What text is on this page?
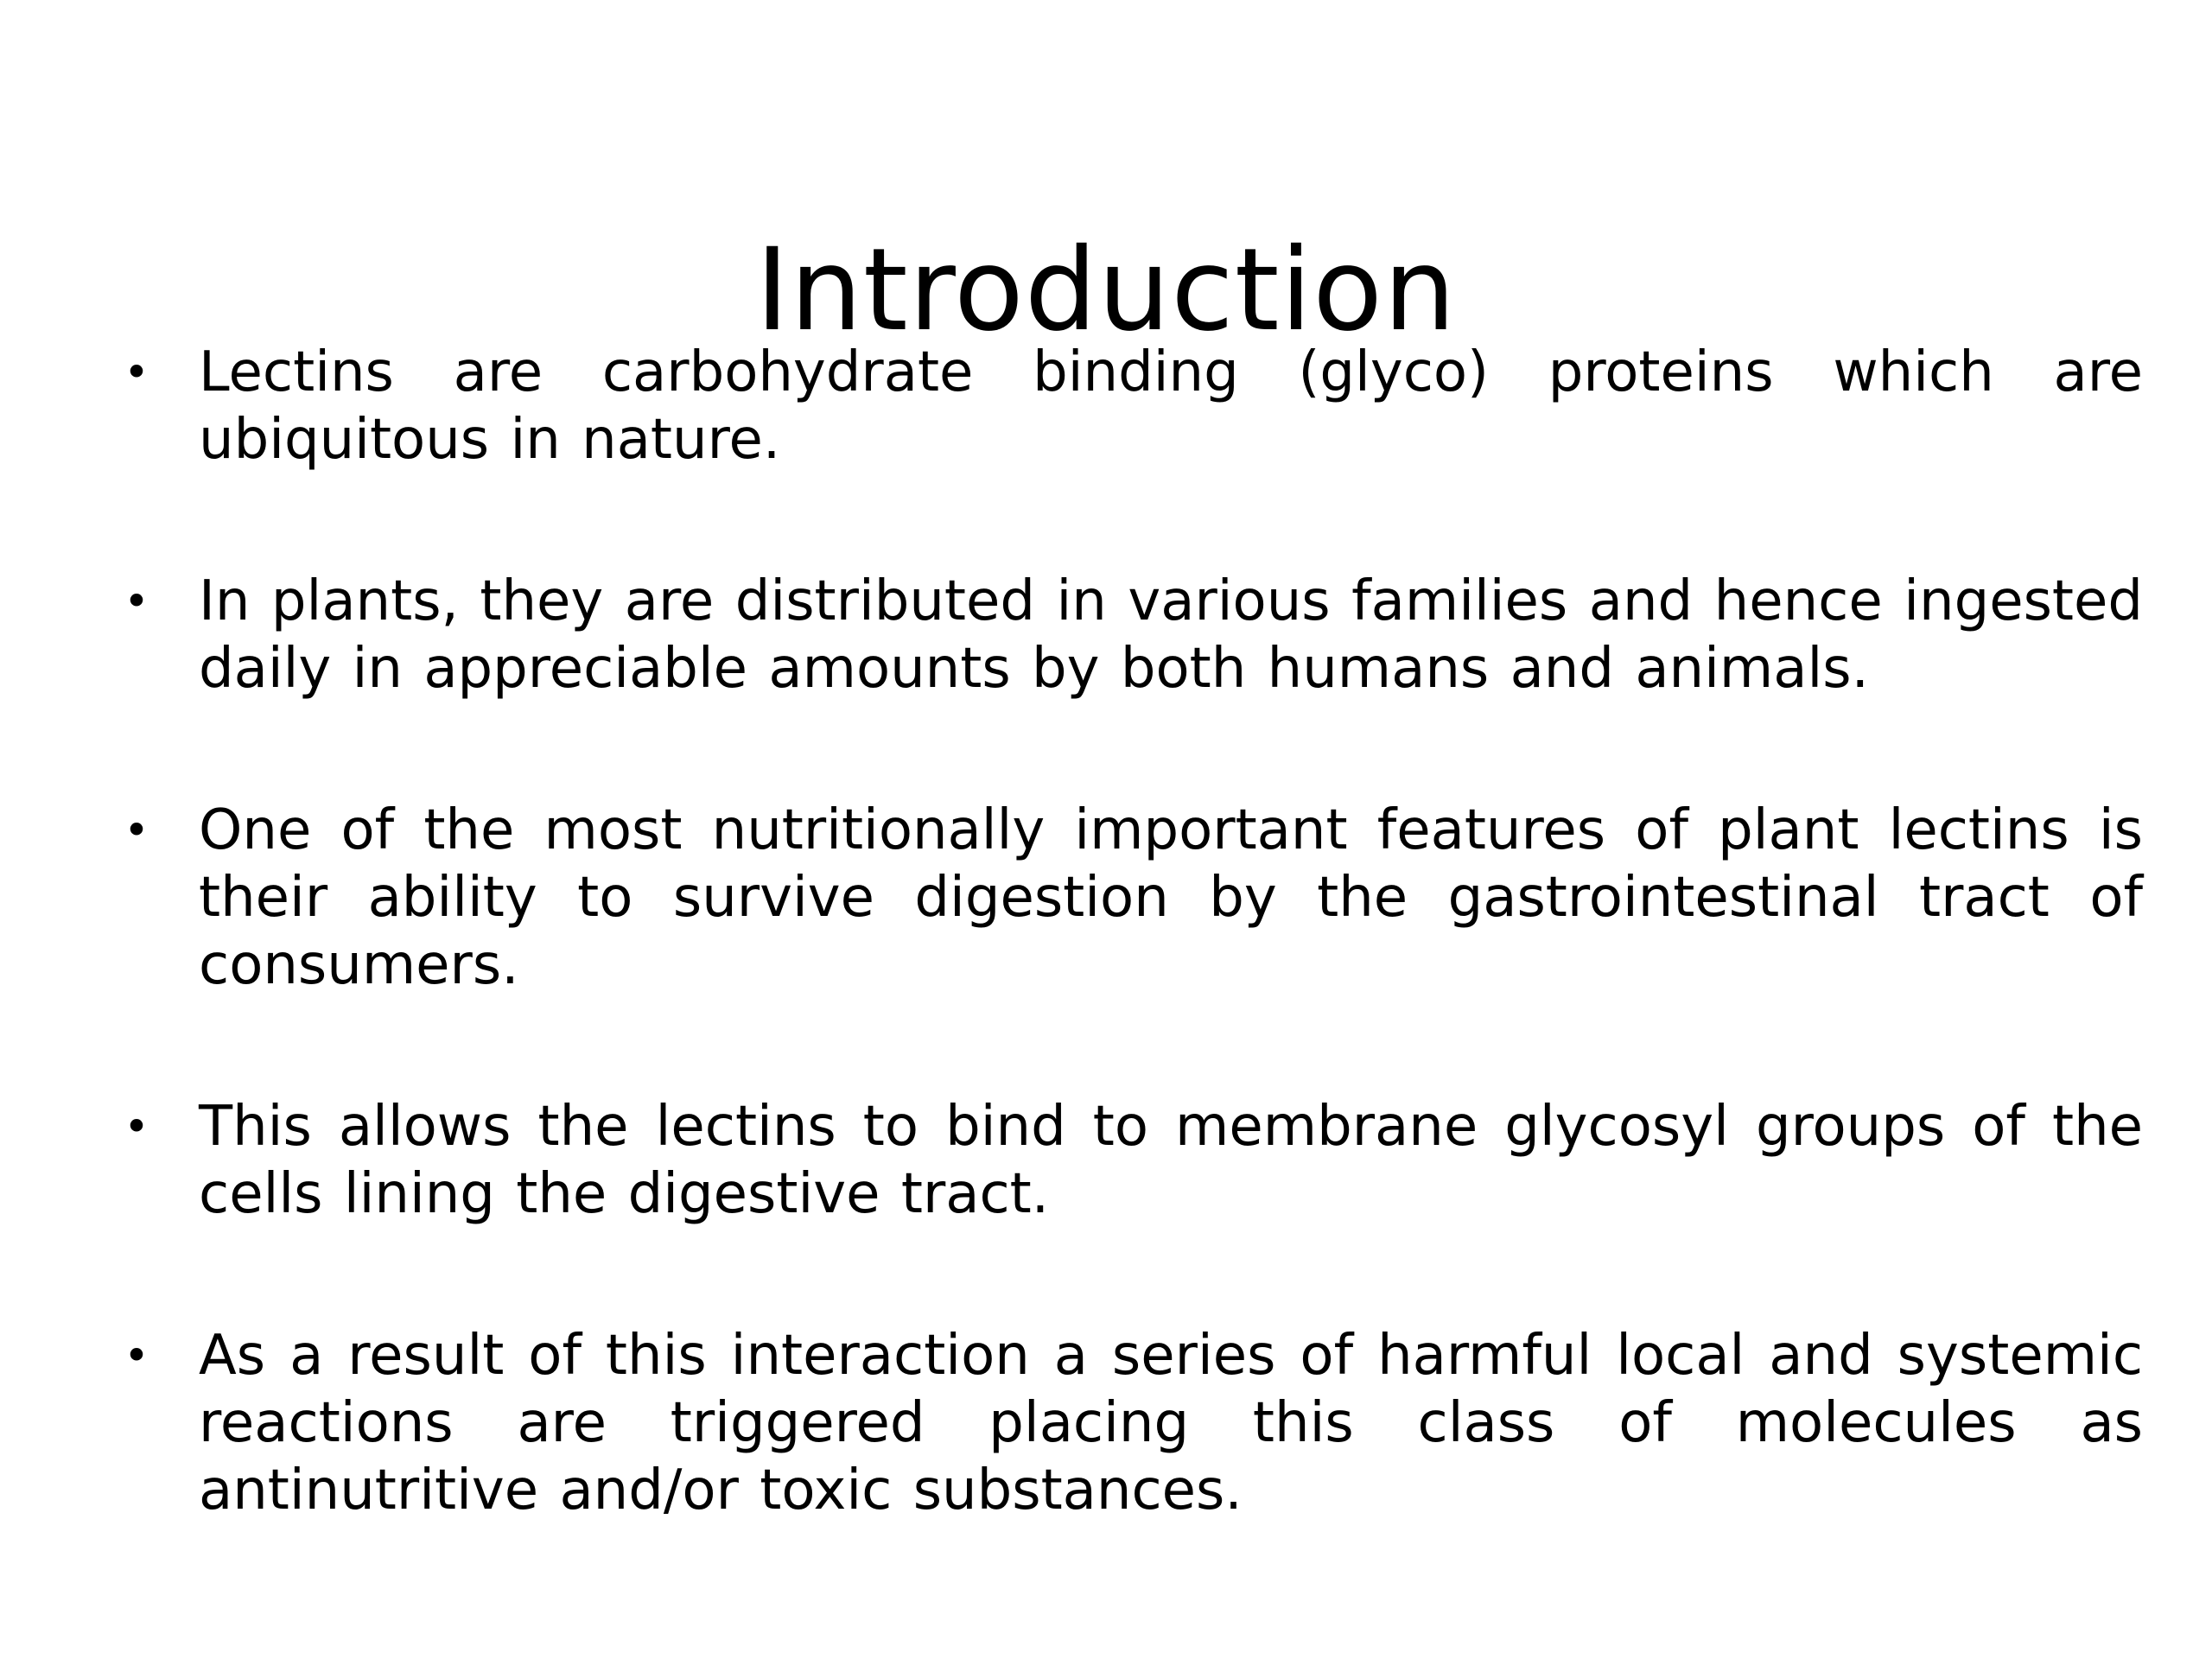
Introduction
• Lectins are carbohydrate binding (glyco) proteins which are ubiquitous in nature.
• In plants, they are distributed in various families and hence ingested daily in appreciable amounts by both humans and animals.
• One of the most nutritionally important features of plant lectins is their ability to survive digestion by the gastrointestinal tract of consumers.
• This allows the lectins to bind to membrane glycosyl groups of the cells lining the digestive tract.
• As a result of this interaction a series of harmful local and systemic reactions are triggered placing this class of molecules as antinutritive and/or toxic substances.
